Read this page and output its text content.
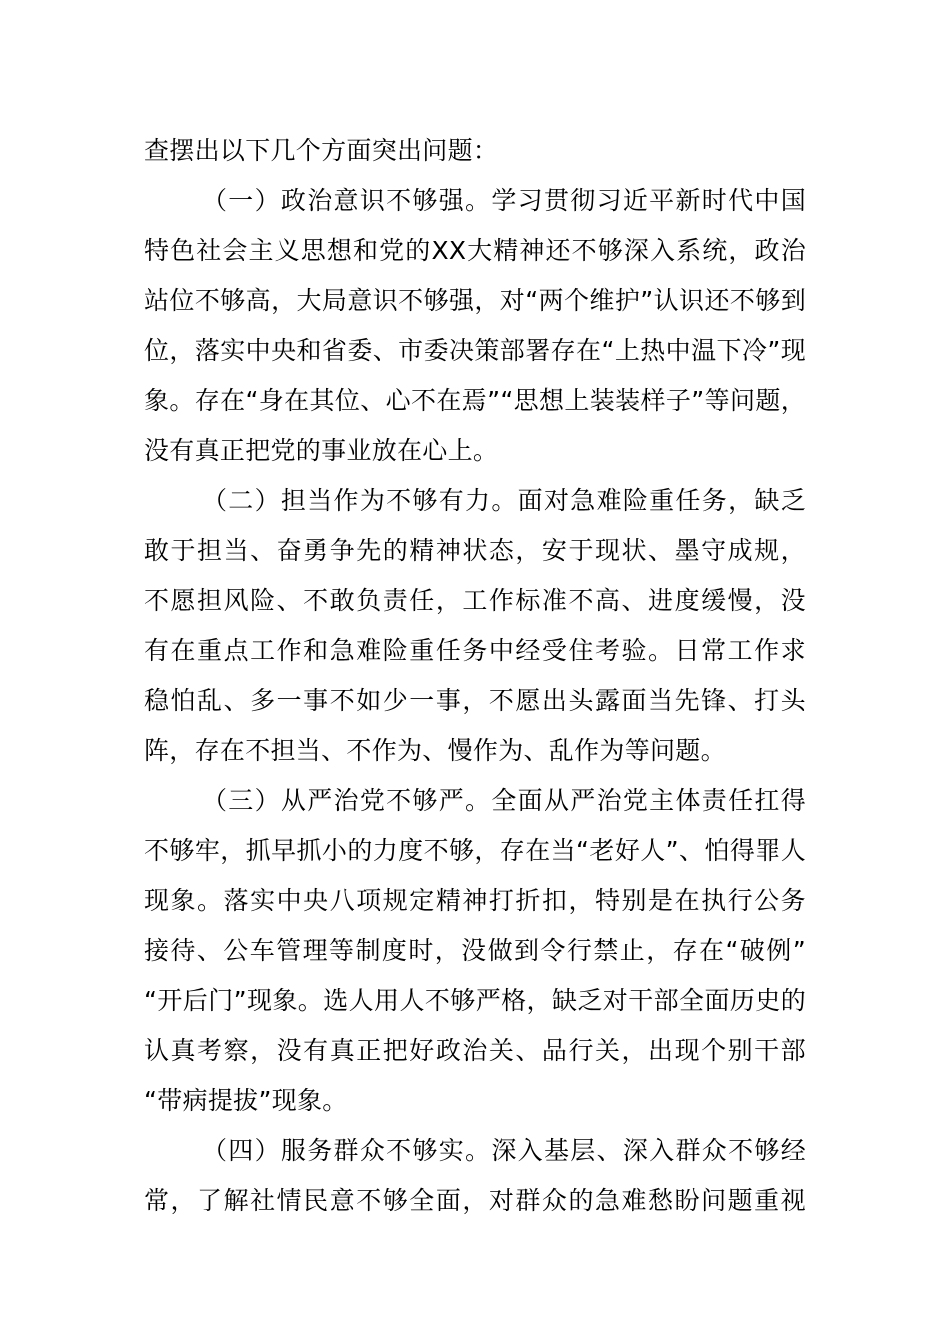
查摆出以下几个方面突出问题：

（一）政治意识不够强。学习贯彻习近平新时代中国
特色社会主义思想和党的XX大精神还不够深入系统，政治
站位不够高，大局意识不够强，对“两个维护”认识还不够到
位，落实中央和省委、市委决策部署存在“上热中温下冷”现
象。存在“身在其位、心不在焉”“思想上装装样子”等问题，
没有真正把党的事业放在心上。

（二）担当作为不够有力。面对急难险重任务，缺乏
敢于担当、奋勇争先的精神状态，安于现状、墨守成规，
不愿担风险、不敢负责任，工作标准不高、进度缓慢，没
有在重点工作和急难险重任务中经受住考验。日常工作求
稳怕乱、多一事不如少一事，不愿出头露面当先锋、打头
阵，存在不担当、不作为、慢作为、乱作为等问题。

（三）从严治党不够严。全面从严治党主体责任扛得
不够牢，抓早抓小的力度不够，存在当“老好人”、怕得罪人
现象。落实中央八项规定精神打折扣，特别是在执行公务
接待、公车管理等制度时，没做到令行禁止，存在“破例”
“开后门”现象。选人用人不够严格，缺乏对干部全面历史的
认真考察，没有真正把好政治关、品行关，出现个别干部
“带病提拔”现象。

（四）服务群众不够实。深入基层、深入群众不够经
常，了解社情民意不够全面，对群众的急难愁盼问题重视
